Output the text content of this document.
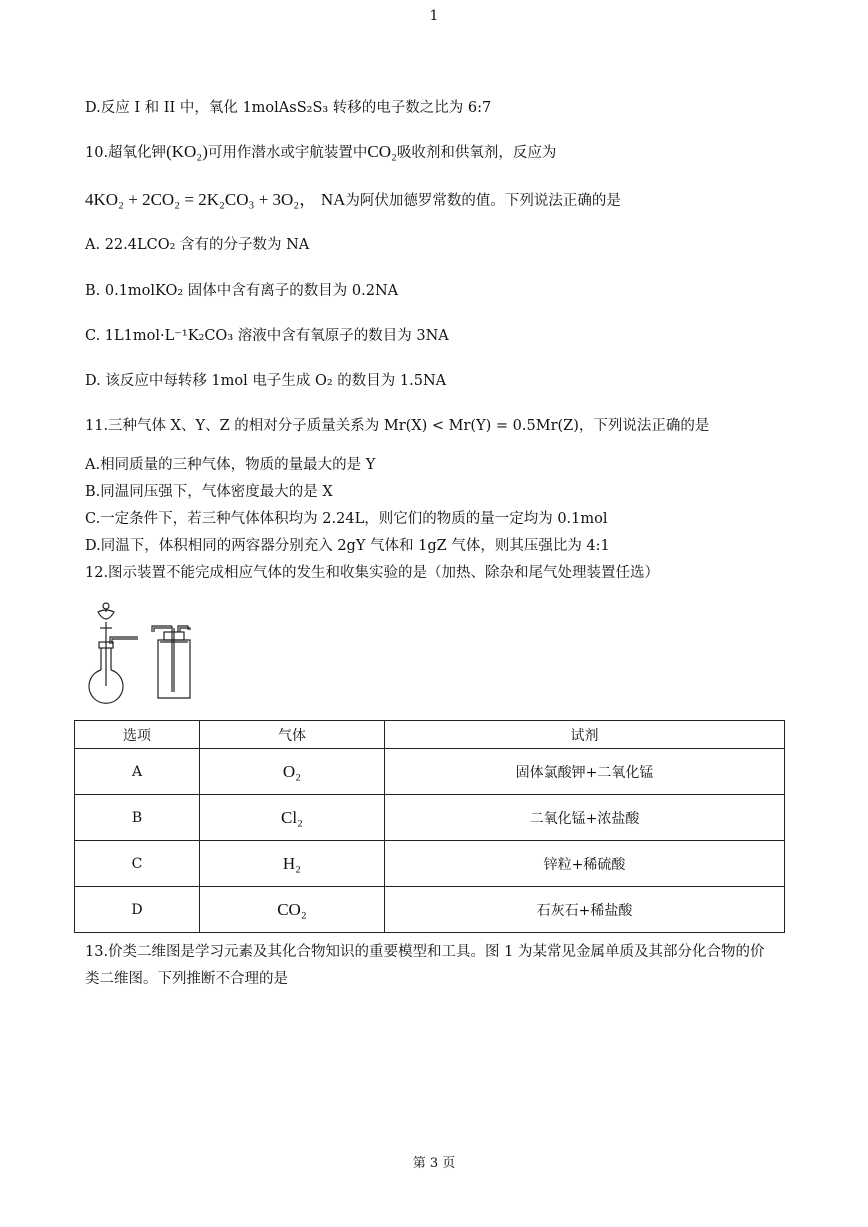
1
D.反应 I 和 II 中，氧化 1molAsS₂S₃ 转移的电子数之比为 6:7
10.超氧化钾(KO₂)可用作潜水或宇航装置中CO₂吸收剂和供氧剂，反应为
4KO₂ + 2CO₂ = 2K₂CO₃ + 3O₂， NA为阿伏加德罗常数的值。下列说法正确的是
A. 22.4LCO₂ 含有的分子数为 NA
B. 0.1molKO₂ 固体中含有离子的数目为 0.2NA
C. 1L1mol·L⁻¹K₂CO₃ 溶液中含有氧原子的数目为 3NA
D. 该反应中每转移 1mol 电子生成 O₂ 的数目为 1.5NA
11.三种气体 X、Y、Z 的相对分子质量关系为 Mr(X) < Mr(Y) = 0.5Mr(Z)，下列说法正确的是
A.相同质量的三种气体，物质的量最大的是 Y
B.同温同压强下，气体密度最大的是 X
C.一定条件下，若三种气体体积均为 2.24L，则它们的物质的量一定均为 0.1mol
D.同温下，体积相同的两容器分别充入 2gY 气体和 1gZ 气体，则其压强比为 4:1
12.图示装置不能完成相应气体的发生和收集实验的是（加热、除杂和尾气处理装置任选）
选项	气体	试剂
A	O₂	固体氯酸钾+二氧化锰
B	Cl₂	二氧化锰+浓盐酸
C	H₂	锌粒+稀硫酸
D	CO₂	石灰石+稀盐酸
13.价类二维图是学习元素及其化合物知识的重要模型和工具。图 1 为某常见金属单质及其部分化合物的价
类二维图。下列推断不合理的是
第 3 页
